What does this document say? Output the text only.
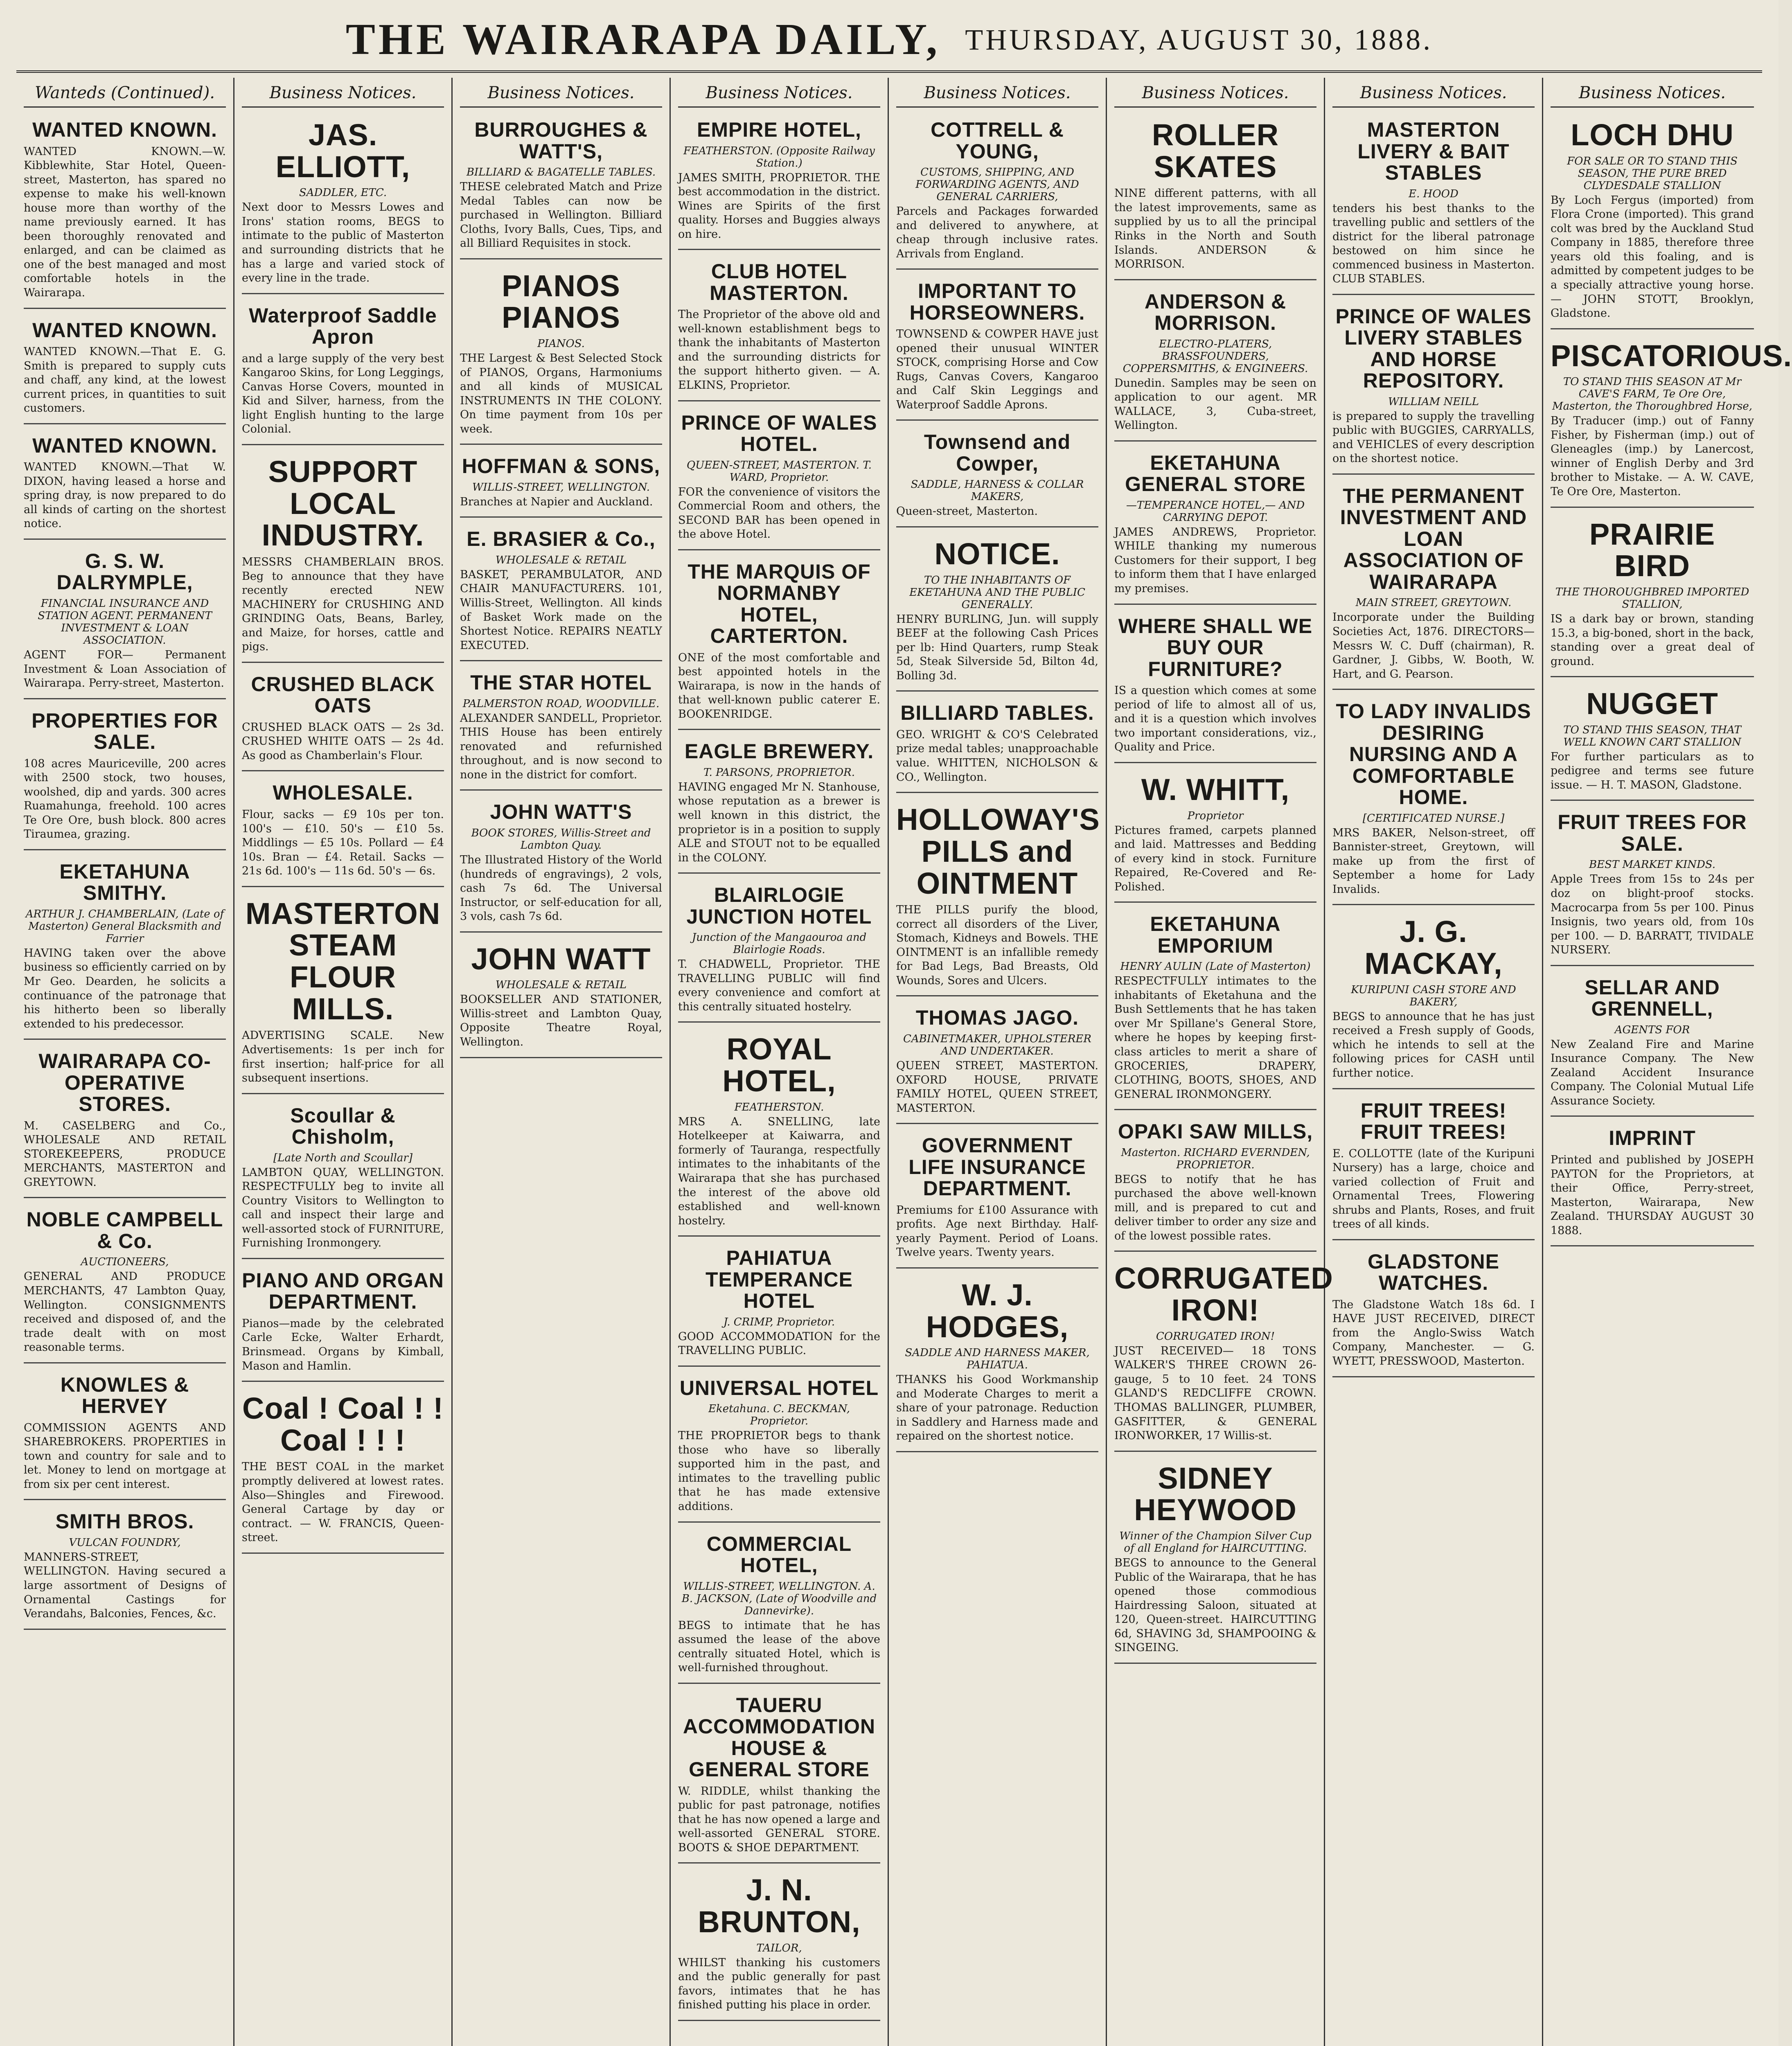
THE WAIRARAPA DAILY, THURSDAY, AUGUST 30, 1888.
Wanteds (Continued).
WANTED KNOWN.

WANTED KNOWN.—W. Kibblewhite, Star Hotel, Queen-street, Masterton, has spared no expense to make his well-known house more than worthy of the name previously earned. It has been thoroughly renovated and enlarged, and can be claimed as one of the best managed and most comfortable hotels in the Wairarapa.

WANTED KNOWN.

WANTED KNOWN.—That E. G. Smith is prepared to supply cuts and chaff, any kind, at the lowest current prices, in quantities to suit customers.

WANTED KNOWN.

WANTED KNOWN.—That W. DIXON, having leased a horse and spring dray, is now prepared to do all kinds of carting on the shortest notice.

G. S. W. DALRYMPLE,
FINANCIAL INSURANCE AND STATION AGENT. PERMANENT INVESTMENT & LOAN ASSOCIATION.

AGENT FOR— Permanent Investment & Loan Association of Wairarapa. Perry-street, Masterton.

PROPERTIES FOR SALE.

108 acres Mauriceville, 200 acres with 2500 stock, two houses, woolshed, dip and yards. 300 acres Ruamahunga, freehold. 100 acres Te Ore Ore, bush block. 800 acres Tiraumea, grazing.

EKETAHUNA SMITHY.
ARTHUR J. CHAMBERLAIN, (Late of Masterton) General Blacksmith and Farrier

HAVING taken over the above business so efficiently carried on by Mr Geo. Dearden, he solicits a continuance of the patronage that his hitherto been so liberally extended to his predecessor.

WAIRARAPA CO-OPERATIVE STORES.

M. CASELBERG and Co., WHOLESALE AND RETAIL STOREKEEPERS, PRODUCE MERCHANTS, MASTERTON and GREYTOWN.

NOBLE CAMPBELL & Co.
AUCTIONEERS,

GENERAL AND PRODUCE MERCHANTS, 47 Lambton Quay, Wellington. CONSIGNMENTS received and disposed of, and the trade dealt with on most reasonable terms.

KNOWLES & HERVEY

COMMISSION AGENTS AND SHAREBROKERS. PROPERTIES in town and country for sale and to let. Money to lend on mortgage at from six per cent interest.

SMITH BROS.
VULCAN FOUNDRY,

MANNERS-STREET, WELLINGTON. Having secured a large assortment of Designs of Ornamental Castings for Verandahs, Balconies, Fences, &c.

Business Notices.
JAS. ELLIOTT,
SADDLER, ETC.

Next door to Messrs Lowes and Irons' station rooms, BEGS to intimate to the public of Masterton and surrounding districts that he has a large and varied stock of every line in the trade.

Waterproof Saddle Apron

and a large supply of the very best Kangaroo Skins, for Long Leggings, Canvas Horse Covers, mounted in Kid and Silver, harness, from the light English hunting to the large Colonial.

SUPPORT LOCAL INDUSTRY.

MESSRS CHAMBERLAIN BROS. Beg to announce that they have recently erected NEW MACHINERY for CRUSHING AND GRINDING Oats, Beans, Barley, and Maize, for horses, cattle and pigs.

CRUSHED BLACK OATS

CRUSHED BLACK OATS — 2s 3d. CRUSHED WHITE OATS — 2s 4d. As good as Chamberlain's Flour.

WHOLESALE.

Flour, sacks — £9 10s per ton. 100's — £10. 50's — £10 5s. Middlings — £5 10s. Pollard — £4 10s. Bran — £4. Retail. Sacks — 21s 6d. 100's — 11s 6d. 50's — 6s.

MASTERTON STEAM FLOUR MILLS.

ADVERTISING SCALE. New Advertisements: 1s per inch for first insertion; half-price for all subsequent insertions.

Scoullar & Chisholm,
[Late North and Scoullar]

LAMBTON QUAY, WELLINGTON. RESPECTFULLY beg to invite all Country Visitors to Wellington to call and inspect their large and well-assorted stock of FURNITURE, Furnishing Ironmongery.

PIANO AND ORGAN DEPARTMENT.

Pianos—made by the celebrated Carle Ecke, Walter Erhardt, Brinsmead. Organs by Kimball, Mason and Hamlin.

Coal ! Coal ! ! Coal ! ! !

THE BEST COAL in the market promptly delivered at lowest rates. Also—Shingles and Firewood. General Cartage by day or contract. — W. FRANCIS, Queen-street.

Business Notices.
BURROUGHES & WATT'S,
BILLIARD & BAGATELLE TABLES.

THESE celebrated Match and Prize Medal Tables can now be purchased in Wellington. Billiard Cloths, Ivory Balls, Cues, Tips, and all Billiard Requisites in stock.

PIANOS PIANOS
PIANOS.

THE Largest & Best Selected Stock of PIANOS, Organs, Harmoniums and all kinds of MUSICAL INSTRUMENTS IN THE COLONY. On time payment from 10s per week.

HOFFMAN & SONS,
WILLIS-STREET, WELLINGTON.

Branches at Napier and Auckland.

E. BRASIER & Co.,
WHOLESALE & RETAIL

BASKET, PERAMBULATOR, AND CHAIR MANUFACTURERS. 101, Willis-Street, Wellington. All kinds of Basket Work made on the Shortest Notice. REPAIRS NEATLY EXECUTED.

THE STAR HOTEL
PALMERSTON ROAD, WOODVILLE.

ALEXANDER SANDELL, Proprietor. THIS House has been entirely renovated and refurnished throughout, and is now second to none in the district for comfort.

JOHN WATT'S
BOOK STORES, Willis-Street and Lambton Quay.

The Illustrated History of the World (hundreds of engravings), 2 vols, cash 7s 6d. The Universal Instructor, or self-education for all, 3 vols, cash 7s 6d.

JOHN WATT
WHOLESALE & RETAIL

BOOKSELLER AND STATIONER, Willis-street and Lambton Quay, Opposite Theatre Royal, Wellington.

Business Notices.
EMPIRE HOTEL,
FEATHERSTON. (Opposite Railway Station.)

JAMES SMITH, PROPRIETOR. THE best accommodation in the district. Wines are Spirits of the first quality. Horses and Buggies always on hire.

CLUB HOTEL MASTERTON.

The Proprietor of the above old and well-known establishment begs to thank the inhabitants of Masterton and the surrounding districts for the support hitherto given. — A. ELKINS, Proprietor.

PRINCE OF WALES HOTEL.
QUEEN-STREET, MASTERTON. T. WARD, Proprietor.

FOR the convenience of visitors the Commercial Room and others, the SECOND BAR has been opened in the above Hotel.

THE MARQUIS OF NORMANBY HOTEL, CARTERTON.

ONE of the most comfortable and best appointed hotels in the Wairarapa, is now in the hands of that well-known public caterer E. BOOKENRIDGE.

EAGLE BREWERY.
T. PARSONS, PROPRIETOR.

HAVING engaged Mr N. Stanhouse, whose reputation as a brewer is well known in this district, the proprietor is in a position to supply ALE and STOUT not to be equalled in the COLONY.

BLAIRLOGIE JUNCTION HOTEL
Junction of the Mangaouroa and Blairlogie Roads.

T. CHADWELL, Proprietor. THE TRAVELLING PUBLIC will find every convenience and comfort at this centrally situated hostelry.

ROYAL HOTEL,
FEATHERSTON.

MRS A. SNELLING, late Hotelkeeper at Kaiwarra, and formerly of Tauranga, respectfully intimates to the inhabitants of the Wairarapa that she has purchased the interest of the above old established and well-known hostelry.

PAHIATUA TEMPERANCE HOTEL
J. CRIMP, Proprietor.

GOOD ACCOMMODATION for the TRAVELLING PUBLIC.

UNIVERSAL HOTEL
Eketahuna. C. BECKMAN, Proprietor.

THE PROPRIETOR begs to thank those who have so liberally supported him in the past, and intimates to the travelling public that he has made extensive additions.

COMMERCIAL HOTEL,
WILLIS-STREET, WELLINGTON. A. B. JACKSON, (Late of Woodville and Dannevirke).

BEGS to intimate that he has assumed the lease of the above centrally situated Hotel, which is well-furnished throughout.

TAUERU ACCOMMODATION HOUSE & GENERAL STORE

W. RIDDLE, whilst thanking the public for past patronage, notifies that he has now opened a large and well-assorted GENERAL STORE. BOOTS & SHOE DEPARTMENT.

J. N. BRUNTON,
TAILOR,

WHILST thanking his customers and the public generally for past favors, intimates that he has finished putting his place in order.

Business Notices.
COTTRELL & YOUNG,
CUSTOMS, SHIPPING, AND FORWARDING AGENTS, AND GENERAL CARRIERS,

Parcels and Packages forwarded and delivered to anywhere, at cheap through inclusive rates. Arrivals from England.

IMPORTANT TO HORSEOWNERS.

TOWNSEND & COWPER HAVE just opened their unusual WINTER STOCK, comprising Horse and Cow Rugs, Canvas Covers, Kangaroo and Calf Skin Leggings and Waterproof Saddle Aprons.

Townsend and Cowper,
SADDLE, HARNESS & COLLAR MAKERS,

Queen-street, Masterton.

NOTICE.
TO THE INHABITANTS OF EKETAHUNA AND THE PUBLIC GENERALLY.

HENRY BURLING, Jun. will supply BEEF at the following Cash Prices per lb: Hind Quarters, rump Steak 5d, Steak Silverside 5d, Bilton 4d, Bolling 3d.

BILLIARD TABLES.

GEO. WRIGHT & CO'S Celebrated prize medal tables; unapproachable value. WHITTEN, NICHOLSON & CO., Wellington.

HOLLOWAY'S PILLS and OINTMENT

THE PILLS purify the blood, correct all disorders of the Liver, Stomach, Kidneys and Bowels. THE OINTMENT is an infallible remedy for Bad Legs, Bad Breasts, Old Wounds, Sores and Ulcers.

THOMAS JAGO.
CABINETMAKER, UPHOLSTERER AND UNDERTAKER.

QUEEN STREET, MASTERTON. OXFORD HOUSE, PRIVATE FAMILY HOTEL, QUEEN STREET, MASTERTON.

GOVERNMENT LIFE INSURANCE DEPARTMENT.

Premiums for £100 Assurance with profits. Age next Birthday. Half-yearly Payment. Period of Loans. Twelve years. Twenty years.

W. J. HODGES,
SADDLE AND HARNESS MAKER, PAHIATUA.

THANKS his Good Workmanship and Moderate Charges to merit a share of your patronage. Reduction in Saddlery and Harness made and repaired on the shortest notice.

Business Notices.
ROLLER SKATES

NINE different patterns, with all the latest improvements, same as supplied by us to all the principal Rinks in the North and South Islands. ANDERSON & MORRISON.

ANDERSON & MORRISON.
ELECTRO-PLATERS, BRASSFOUNDERS, COPPERSMITHS, & ENGINEERS.

Dunedin. Samples may be seen on application to our agent. MR WALLACE, 3, Cuba-street, Wellington.

EKETAHUNA GENERAL STORE
—TEMPERANCE HOTEL,— AND CARRYING DEPOT.

JAMES ANDREWS, Proprietor. WHILE thanking my numerous Customers for their support, I beg to inform them that I have enlarged my premises.

WHERE SHALL WE BUY OUR FURNITURE?

IS a question which comes at some period of life to almost all of us, and it is a question which involves two important considerations, viz., Quality and Price.

W. WHITT,
Proprietor

Pictures framed, carpets planned and laid. Mattresses and Bedding of every kind in stock. Furniture Repaired, Re-Covered and Re-Polished.

EKETAHUNA EMPORIUM
HENRY AULIN (Late of Masterton)

RESPECTFULLY intimates to the inhabitants of Eketahuna and the Bush Settlements that he has taken over Mr Spillane's General Store, where he hopes by keeping first-class articles to merit a share of GROCERIES, DRAPERY, CLOTHING, BOOTS, SHOES, AND GENERAL IRONMONGERY.

OPAKI SAW MILLS,
Masterton. RICHARD EVERNDEN, PROPRIETOR.

BEGS to notify that he has purchased the above well-known mill, and is prepared to cut and deliver timber to order any size and of the lowest possible rates.

CORRUGATED IRON!
CORRUGATED IRON!

JUST RECEIVED— 18 TONS WALKER'S THREE CROWN 26-gauge, 5 to 10 feet. 24 TONS GLAND'S REDCLIFFE CROWN. THOMAS BALLINGER, PLUMBER, GASFITTER, & GENERAL IRONWORKER, 17 Willis-st.

SIDNEY HEYWOOD
Winner of the Champion Silver Cup of all England for HAIRCUTTING.

BEGS to announce to the General Public of the Wairarapa, that he has opened those commodious Hairdressing Saloon, situated at 120, Queen-street. HAIRCUTTING 6d, SHAVING 3d, SHAMPOOING & SINGEING.

Business Notices.
MASTERTON LIVERY & BAIT STABLES
E. HOOD

tenders his best thanks to the travelling public and settlers of the district for the liberal patronage bestowed on him since he commenced business in Masterton. CLUB STABLES.

PRINCE OF WALES LIVERY STABLES AND HORSE REPOSITORY.
WILLIAM NEILL

is prepared to supply the travelling public with BUGGIES, CARRYALLS, and VEHICLES of every description on the shortest notice.

THE PERMANENT INVESTMENT AND LOAN ASSOCIATION OF WAIRARAPA
MAIN STREET, GREYTOWN.

Incorporate under the Building Societies Act, 1876. DIRECTORS—Messrs W. C. Duff (chairman), R. Gardner, J. Gibbs, W. Booth, W. Hart, and G. Pearson.

TO LADY INVALIDS DESIRING NURSING AND A COMFORTABLE HOME.
[CERTIFICATED NURSE.]

MRS BAKER, Nelson-street, off Bannister-street, Greytown, will make up from the first of September a home for Lady Invalids.

J. G. MACKAY,
KURIPUNI CASH STORE AND BAKERY,

BEGS to announce that he has just received a Fresh supply of Goods, which he intends to sell at the following prices for CASH until further notice.

FRUIT TREES! FRUIT TREES!

E. COLLOTTE (late of the Kuripuni Nursery) has a large, choice and varied collection of Fruit and Ornamental Trees, Flowering shrubs and Plants, Roses, and fruit trees of all kinds.

GLADSTONE WATCHES.

The Gladstone Watch 18s 6d. I HAVE JUST RECEIVED, DIRECT from the Anglo-Swiss Watch Company, Manchester. — G. WYETT, PRESSWOOD, Masterton.

Business Notices.
LOCH DHU
FOR SALE OR TO STAND THIS SEASON, THE PURE BRED CLYDESDALE STALLION

By Loch Fergus (imported) from Flora Crone (imported). This grand colt was bred by the Auckland Stud Company in 1885, therefore three years old this foaling, and is admitted by competent judges to be a specially attractive young horse. — JOHN STOTT, Brooklyn, Gladstone.

PISCATORIOUS.
TO STAND THIS SEASON AT Mr CAVE'S FARM, Te Ore Ore, Masterton, the Thoroughbred Horse,

By Traducer (imp.) out of Fanny Fisher, by Fisherman (imp.) out of Gleneagles (imp.) by Lanercost, winner of English Derby and 3rd brother to Mistake. — A. W. CAVE, Te Ore Ore, Masterton.

PRAIRIE BIRD
THE THOROUGHBRED IMPORTED STALLION,

IS a dark bay or brown, standing 15.3, a big-boned, short in the back, standing over a great deal of ground.

NUGGET
TO STAND THIS SEASON, THAT WELL KNOWN CART STALLION

For further particulars as to pedigree and terms see future issue. — H. T. MASON, Gladstone.

FRUIT TREES FOR SALE.
BEST MARKET KINDS.

Apple Trees from 15s to 24s per doz on blight-proof stocks. Macrocarpa from 5s per 100. Pinus Insignis, two years old, from 10s per 100. — D. BARRATT, TIVIDALE NURSERY.

SELLAR AND GRENNELL,
AGENTS FOR

New Zealand Fire and Marine Insurance Company. The New Zealand Accident Insurance Company. The Colonial Mutual Life Assurance Society.

IMPRINT

Printed and published by JOSEPH PAYTON for the Proprietors, at their Office, Perry-street, Masterton, Wairarapa, New Zealand. THURSDAY AUGUST 30 1888.
